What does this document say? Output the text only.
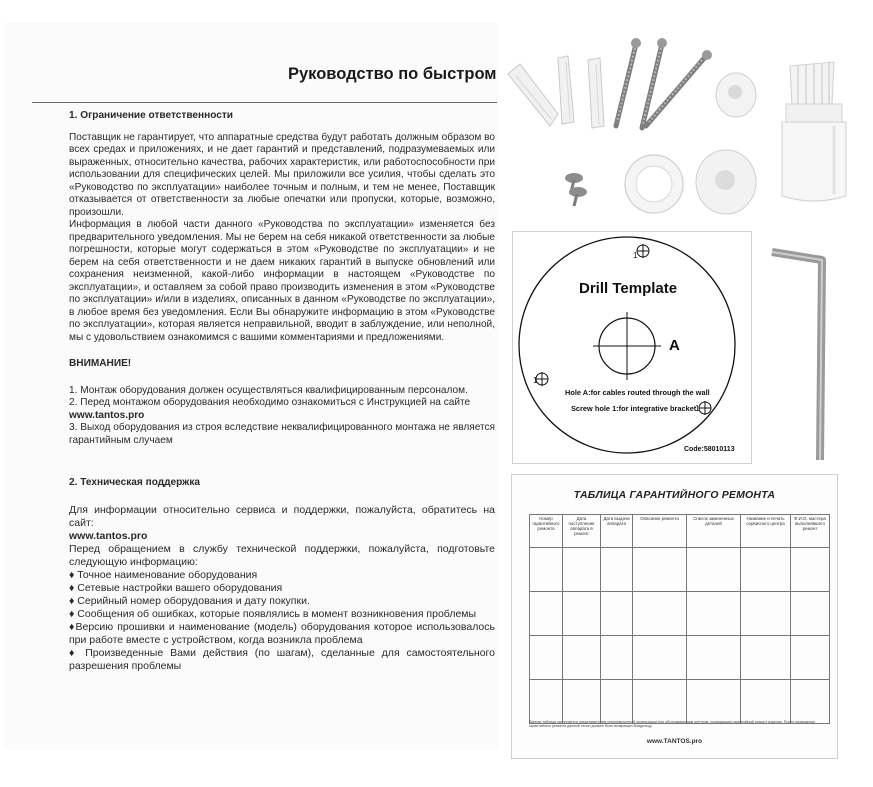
Руководство по быстром

1. Ограничение ответственности

Поставщик не гарантирует, что аппаратные средства будут работать должным образом во всех средах и приложениях, и не дает гарантий и представлений, подразумеваемых или выраженных, относительно качества, рабочих характеристик, или работоспособности при использовании для специфических целей. Мы приложили все усилия, чтобы сделать это «Руководство по эксплуатации» наиболее точным и полным, и тем не менее, Поставщик отказывается от ответственности за любые опечатки или пропуски, которые, возможно, произошли.

Информация в любой части данного «Руководства по эксплуатации» изменяется без предварительного уведомления. Мы не берем на себя никакой ответственности за любые погрешности, которые могут содержаться в этом «Руководстве по эксплуатации» и не берем на себя ответственности и не даем никаких гарантий в выпуске обновлений или сохранения неизменной, какой-либо информации в настоящем «Руководстве по эксплуатации», и оставляем за собой право производить изменения в этом «Руководстве по эксплуатации» и/или в изделиях, описанных в данном «Руководстве по эксплуатации», в любое время без уведомления. Если Вы обнаружите информацию в этом «Руководстве по эксплуатации», которая является неправильной, вводит в заблуждение, или неполной, мы с удовольствием ознакомимся с вашими комментариями и предложениями.

ВНИМАНИЕ!

1. Монтаж оборудования должен осуществляться квалифицированным персоналом.

2. Перед монтажом оборудования необходимо ознакомиться с Инструкцией на сайте

www.tantos.pro

3. Выход оборудования из строя вследствие неквалифицированного монтажа не является гарантийным случаем

2. Техническая поддержка

Для информации относительно сервиса и поддержки, пожалуйста, обратитесь на сайт:

www.tantos.pro

Перед обращением в службу технической поддержки, пожалуйста, подготовьте следующую информацию:

♦ Точное наименование оборудования

♦ Сетевые настройки вашего оборудования

♦ Серийный номер оборудования и дату покупки.

♦ Сообщения об ошибках, которые появлялись в момент возникновения проблемы

♦Версию прошивки и наименование (модель) оборудования которое использовалось при работе вместе с устройством, когда возникла проблема

♦ Произведенные Вами действия (по шагам), сделанные для самостоятельного разрешения проблемы

1
1
1
Drill Template
A
Hole A:for cables routed through the wall
Screw hole 1:for integrative bracket
Code:58010113
ТАБЛИЦА ГАРАНТИЙНОГО РЕМОНТА
Номер гарантийного ремонта	Дата поступления аппарата в ремонт	Дата выдачи аппарата	Описание ремонта	Список замененных деталей	Название и печать сервисного центра	Ф.И.О. мастера выполнявшего ремонт

Данная таблица заполняется представителем уполномоченной организации или обслуживающим центром, проводящим гарантийный ремонт изделия. После проведения гарантийного ремонта данный талон должен быть возвращен Владельцу
www.TANTOS.pro
